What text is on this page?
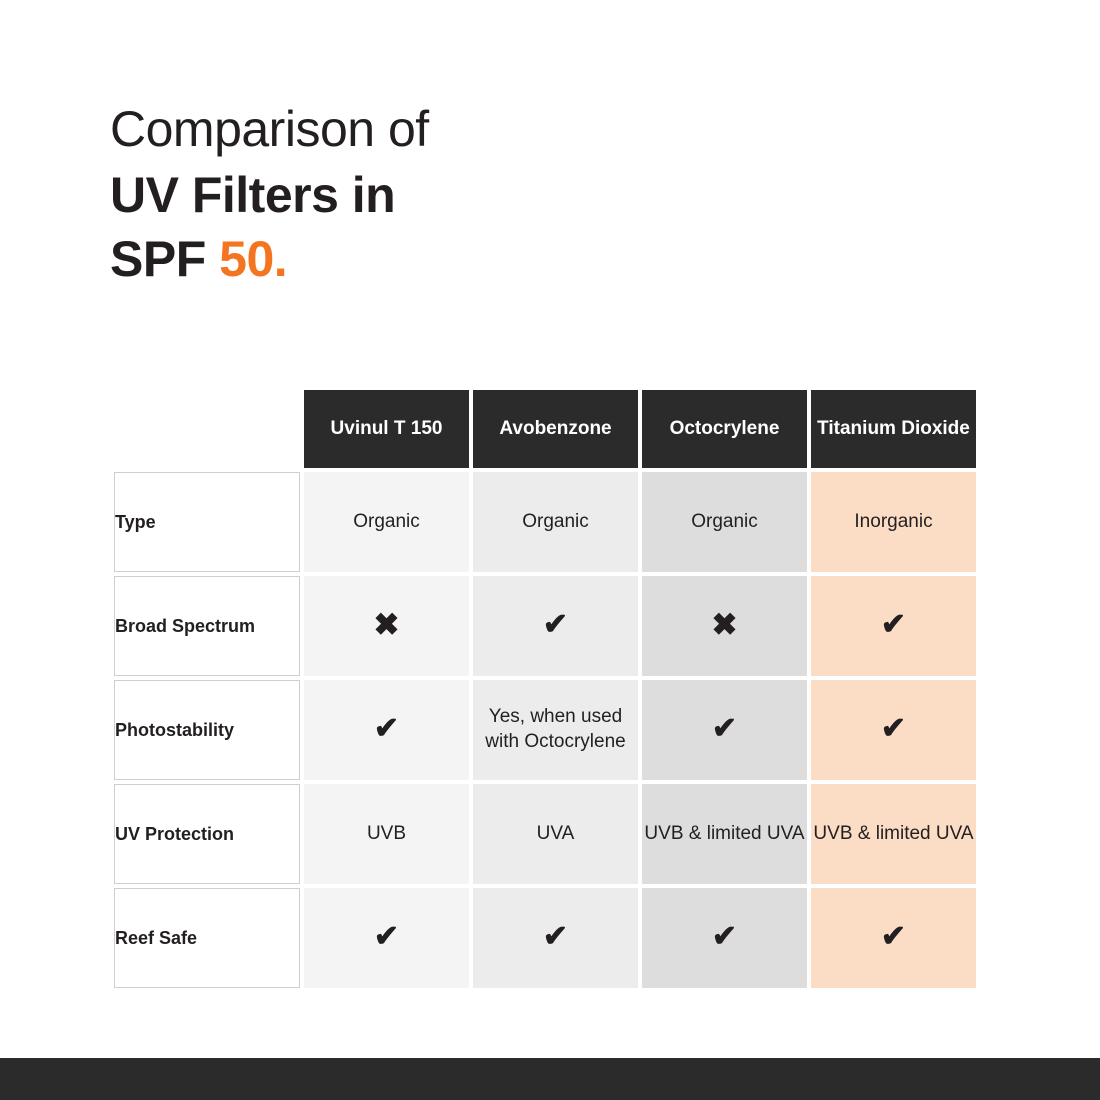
Comparison of
UV Filters in
SPF 50.
	Uvinul T 150	Avobenzone	Octocrylene	Titanium Dioxide
Type	Organic	Organic	Organic	Inorganic
Broad Spectrum	✖	✔	✖	✔
Photostability	✔	Yes, when used with Octocrylene	✔	✔
UV Protection	UVB	UVA	UVB & limited UVA	UVB & limited UVA
Reef Safe	✔	✔	✔	✔
